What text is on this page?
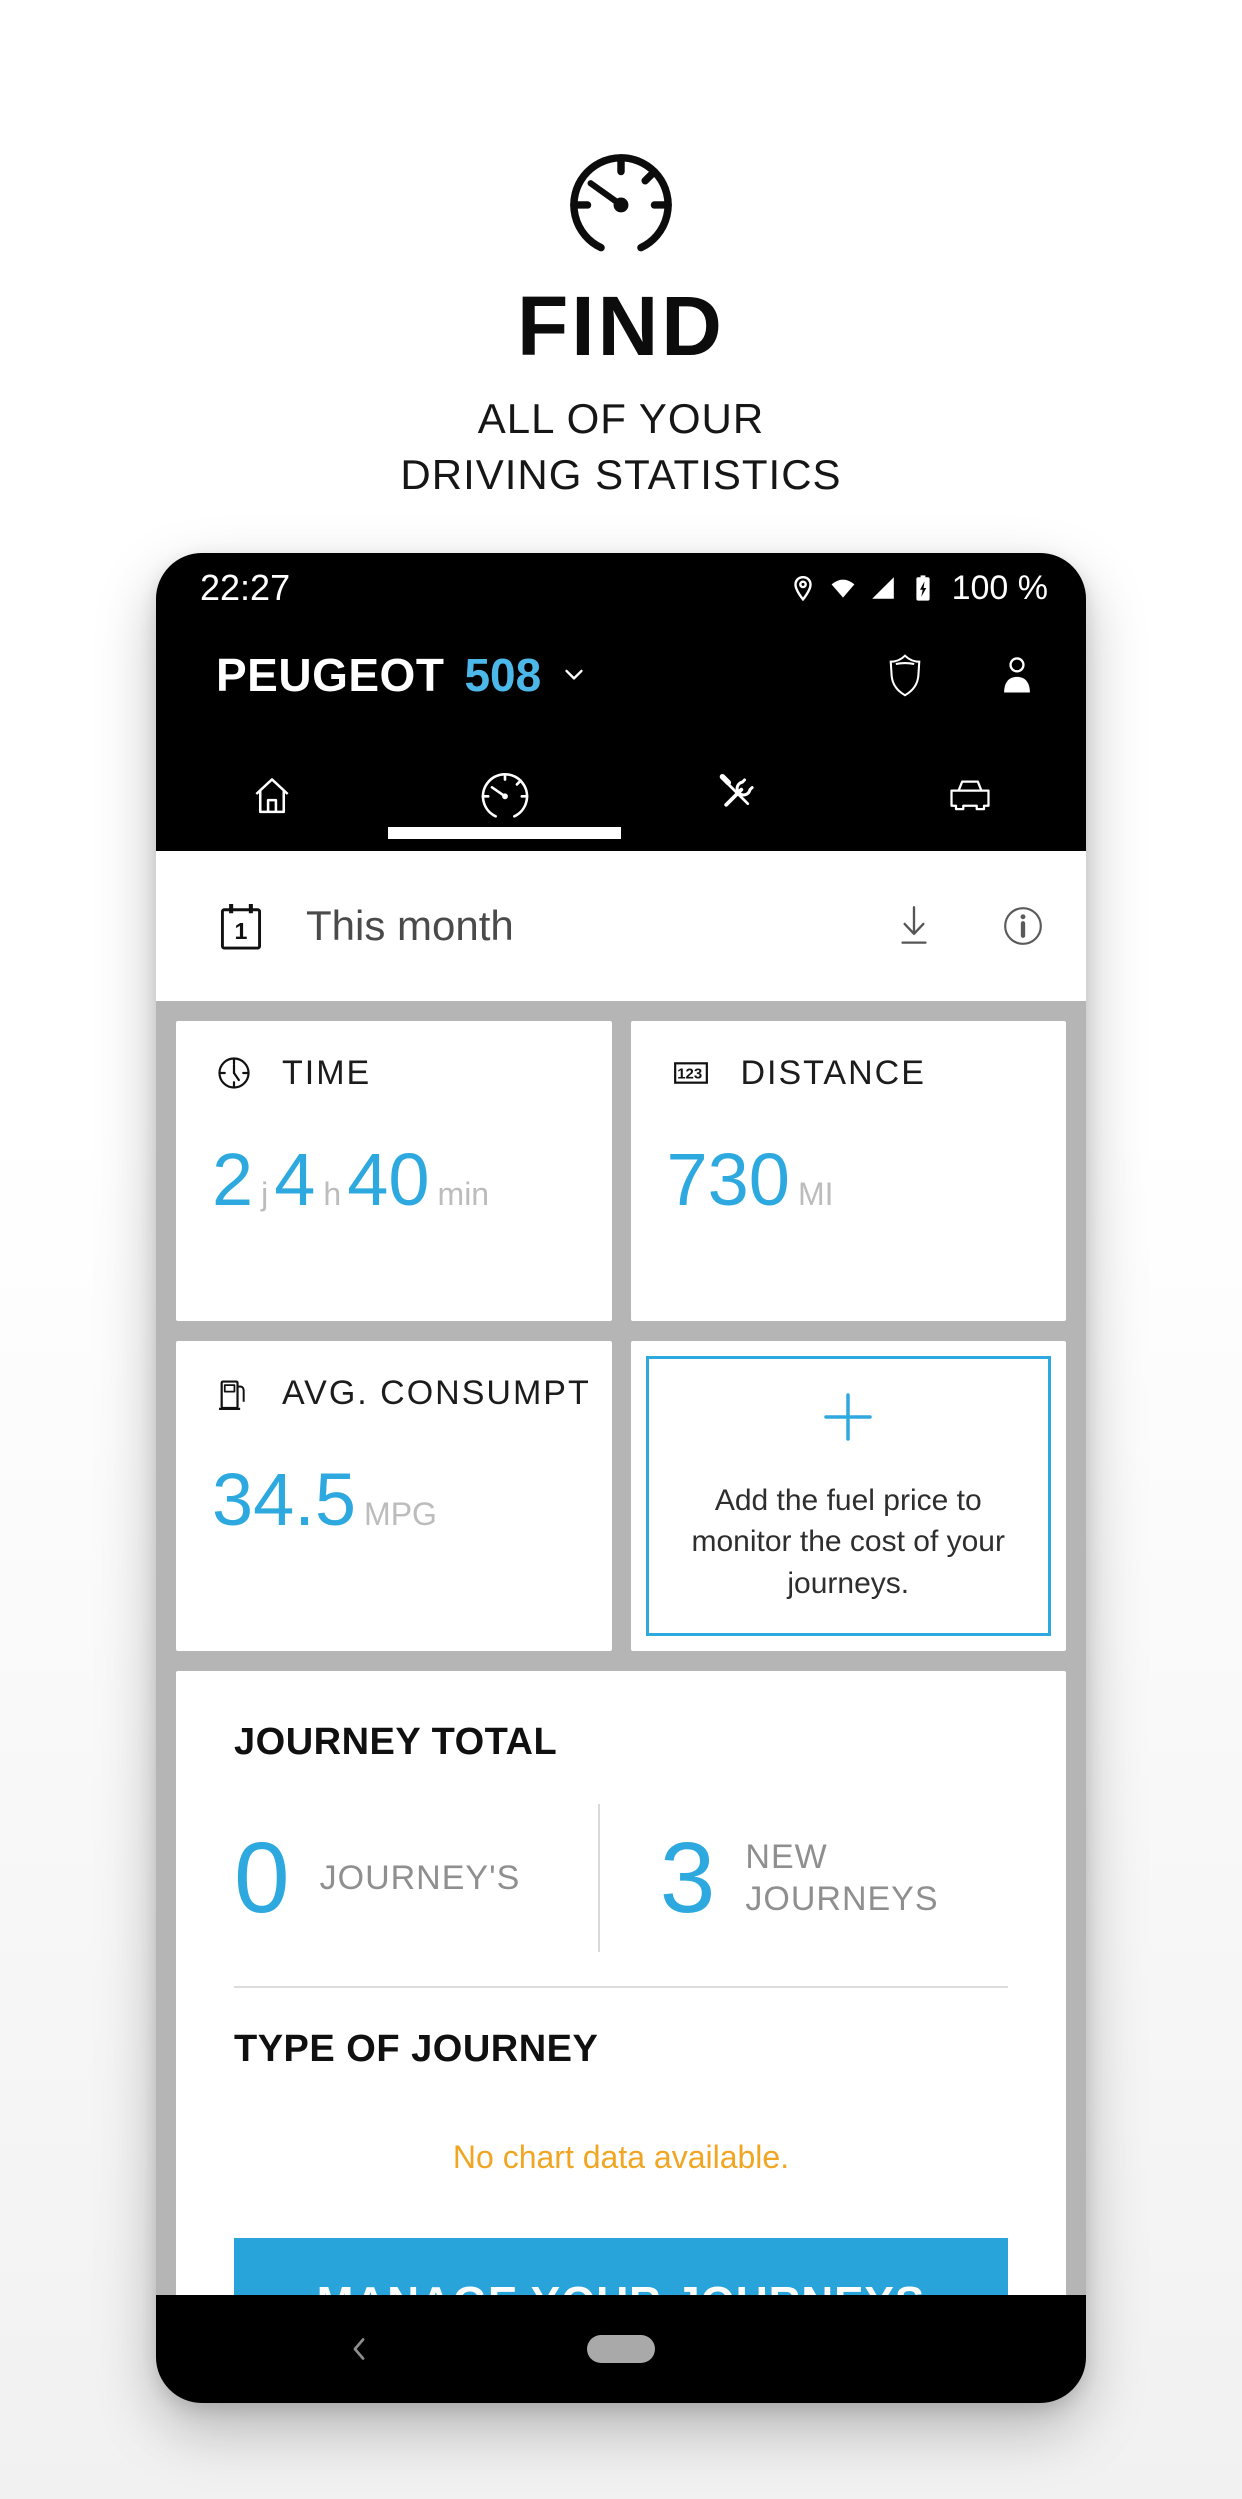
FIND
ALL OF YOUR
DRIVING STATISTICS
22:27	100 %
PEUGEOT 508
1 This month
TIME
2 j 4 h 40 min
123 DISTANCE
730 MI
AVG. CONSUMPT
34.5 MPG	Add the fuel price to monitor the cost of your journeys.
JOURNEY TOTAL
0 JOURNEY'S 3 NEW
JOURNEYS
TYPE OF JOURNEY
No chart data available.
